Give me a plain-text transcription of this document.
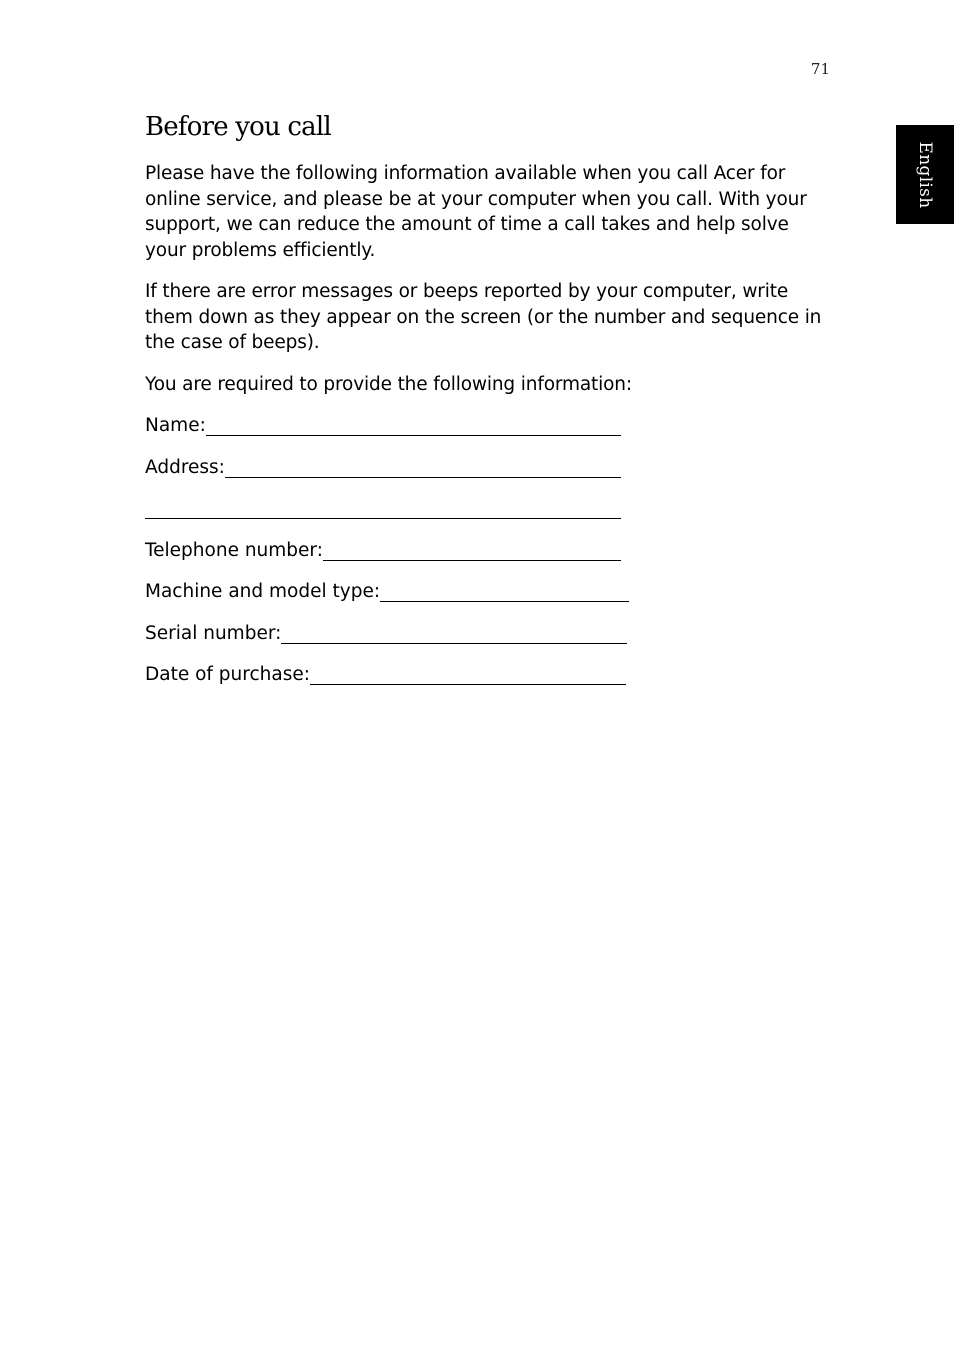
71
English
Before you call

Please have the following information available when you call Acer for online service, and please be at your computer when you call. With your support, we can reduce the amount of time a call takes and help solve your problems efficiently.

If there are error messages or beeps reported by your computer, write them down as they appear on the screen (or the number and sequence in the case of beeps).

You are required to provide the following information:

Name:
Address:
Telephone number:
Machine and model type:
Serial number:
Date of purchase:
